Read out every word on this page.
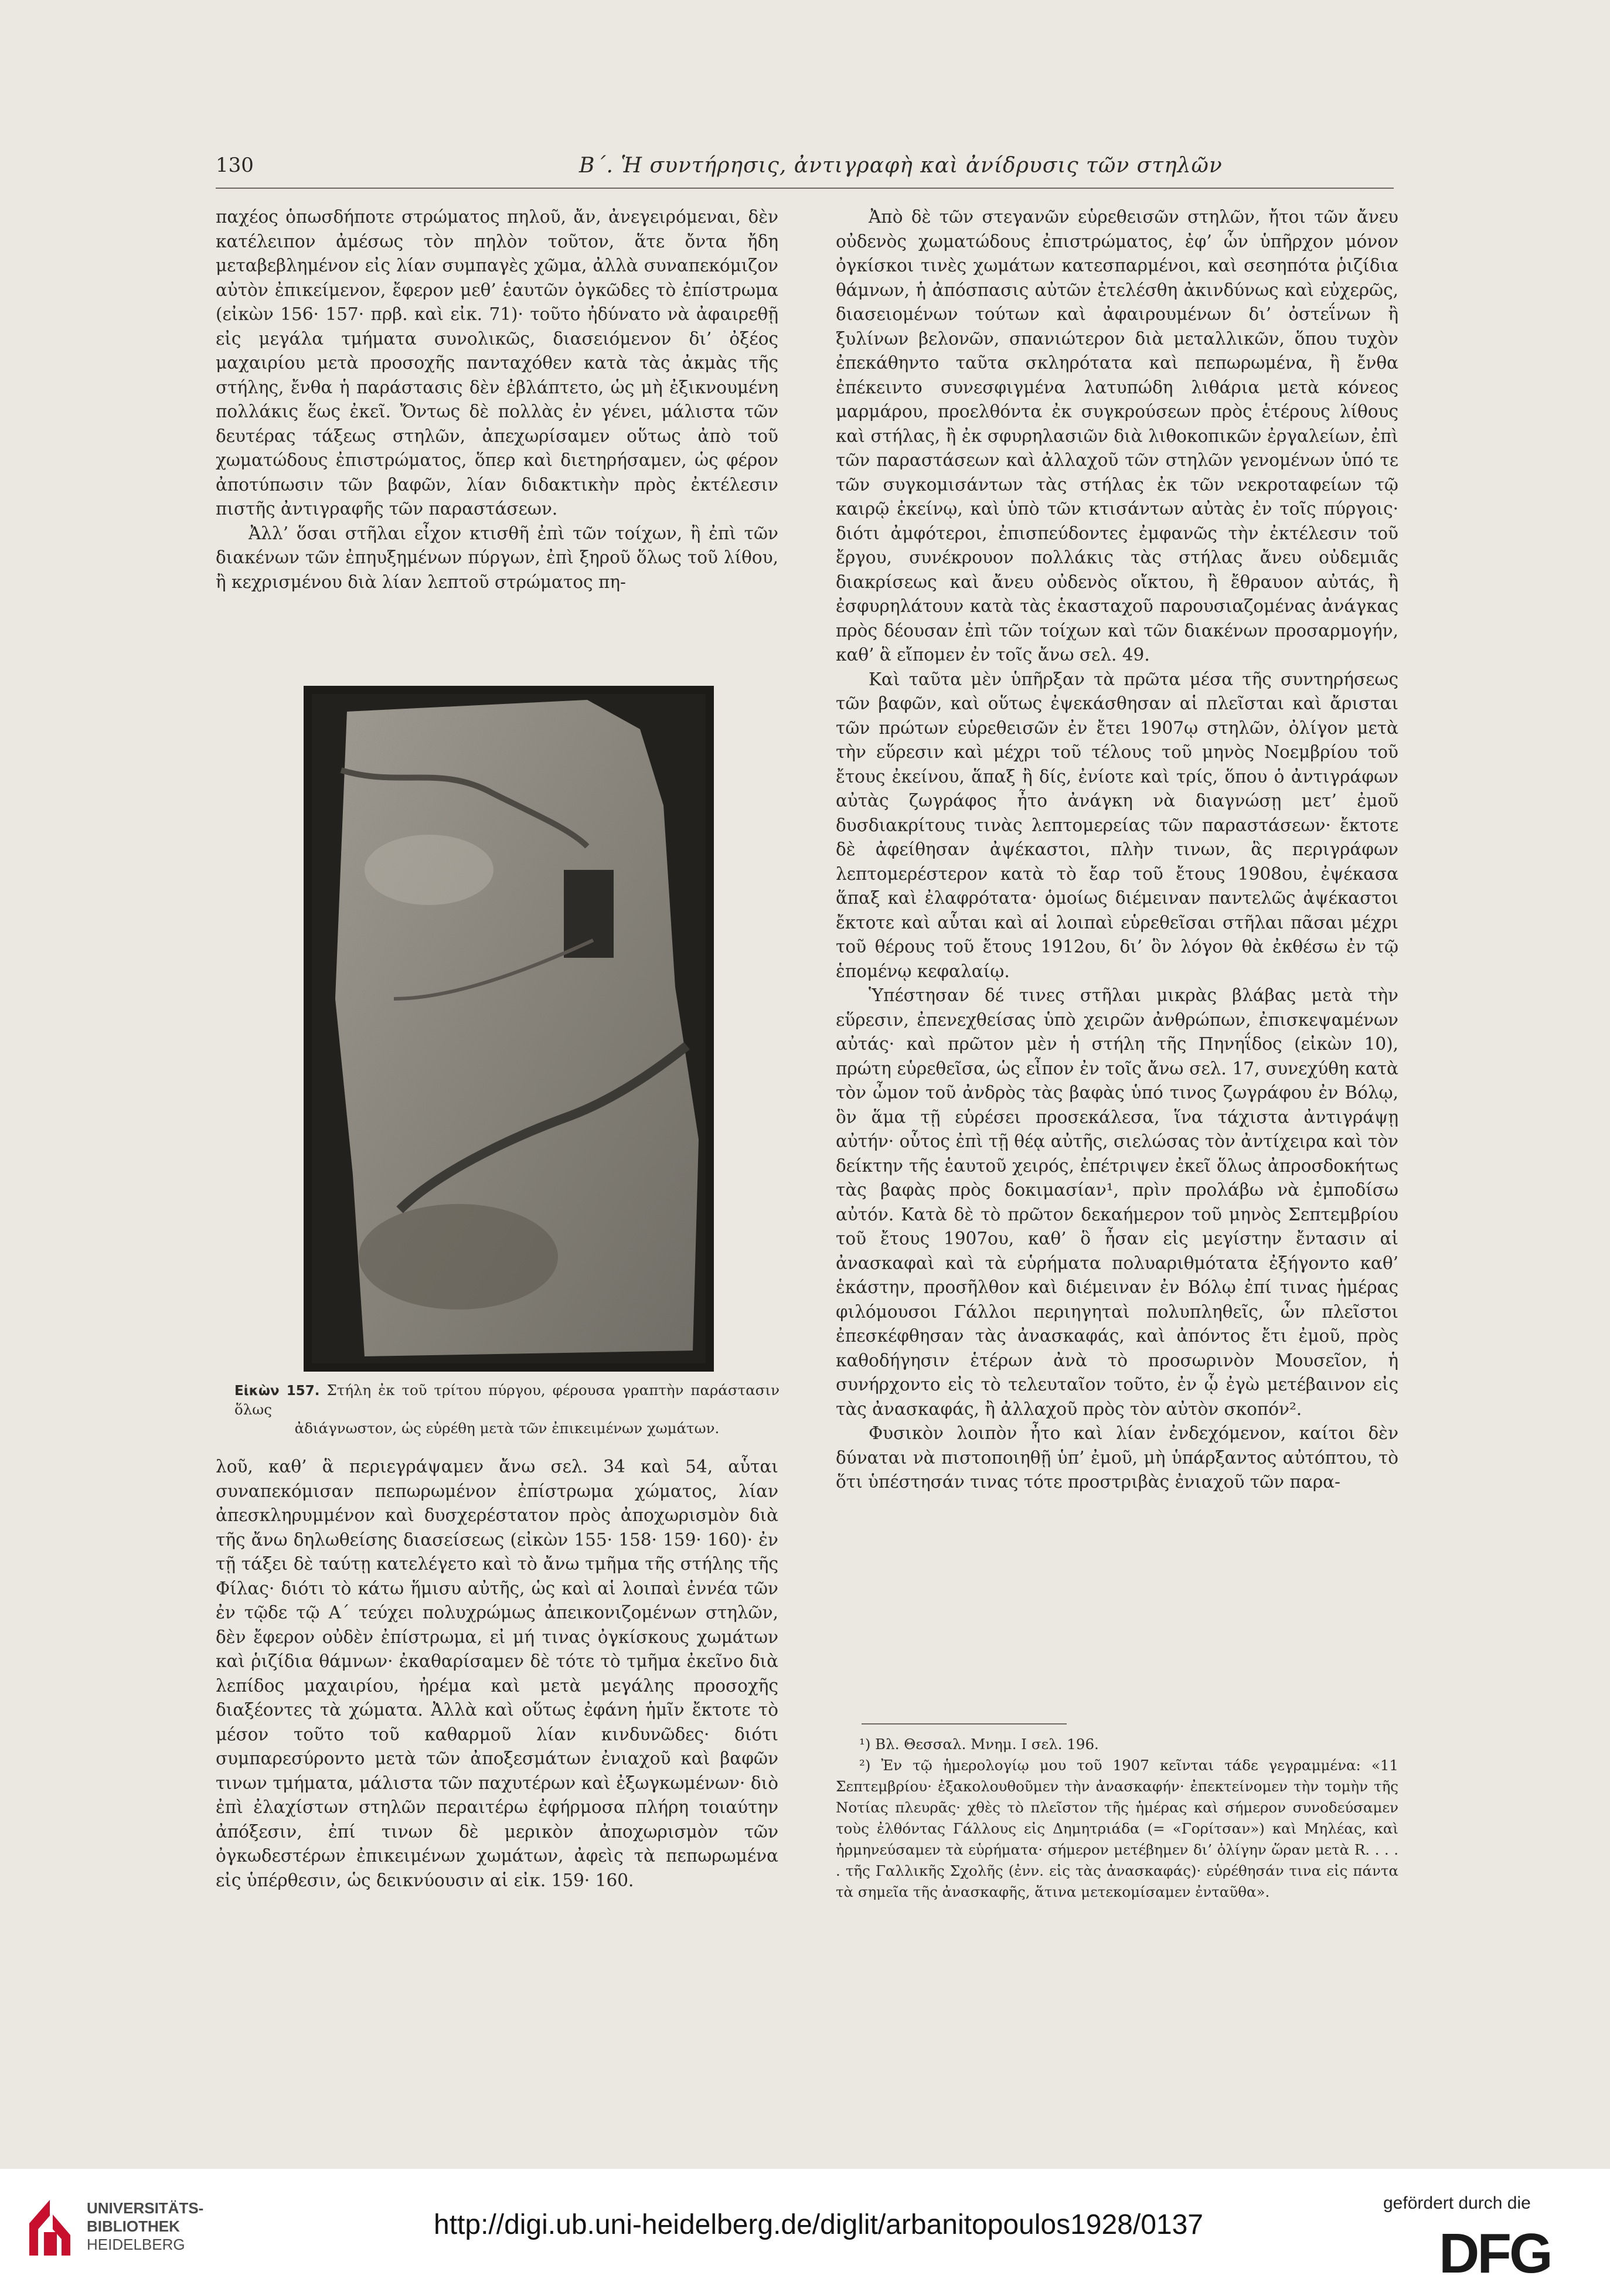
130	Β΄. Ἡ συντήρησις, ἀντιγραφὴ καὶ ἀνίδρυσις τῶν στηλῶν

παχέος ὁπωσδήποτε στρώματος πηλοῦ, ἄν, ἀνεγειρόμεναι, δὲν κατέλειπον ἀμέσως τὸν πηλὸν τοῦτον, ἅτε ὄντα ἤδη μεταβεβλημένον εἰς λίαν συμπαγὲς χῶμα, ἀλλὰ συναπεκόμιζον αὐτὸν ἐπικείμενον, ἔφερον μεθ’ ἑαυτῶν ὀγκῶδες τὸ ἐπίστρωμα (εἰκὼν 156· 157· πρβ. καὶ εἰκ. 71)· τοῦτο ἠδύνατο νὰ ἀφαιρεθῇ εἰς μεγάλα τμήματα συνολικῶς, διασειόμενον δι’ ὀξέος μαχαιρίου μετὰ προσοχῆς πανταχόθεν κατὰ τὰς ἀκμὰς τῆς στήλης, ἔνθα ἡ παράστασις δὲν ἐβλάπτετο, ὡς μὴ ἐξικνουμένη πολλάκις ἕως ἐκεῖ. Ὄντως δὲ πολλὰς ἐν γένει, μάλιστα τῶν δευτέρας τάξεως στηλῶν, ἀπεχωρίσαμεν οὕτως ἀπὸ τοῦ χωματώδους ἐπιστρώματος, ὅπερ καὶ διετηρήσαμεν, ὡς φέρον ἀποτύπωσιν τῶν βαφῶν, λίαν διδακτικὴν πρὸς ἐκτέλεσιν πιστῆς ἀντιγραφῆς τῶν παραστάσεων.

Ἀλλ’ ὅσαι στῆλαι εἶχον κτισθῆ ἐπὶ τῶν τοίχων, ἢ ἐπὶ τῶν διακένων τῶν ἐπηυξημένων πύργων, ἐπὶ ξηροῦ ὅλως τοῦ λίθου, ἢ κεχρισμένου διὰ λίαν λεπτοῦ στρώματος πη-

Εἰκὼν 157. Στήλη ἐκ τοῦ τρίτου πύργου, φέρουσα γραπτὴν παράστασιν ὅλως
ἀδιάγνωστον, ὡς εὑρέθη μετὰ τῶν ἐπικειμένων χωμάτων.

λοῦ, καθ’ ἃ περιεγράψαμεν ἄνω σελ. 34 καὶ 54, αὗται συναπεκόμισαν πεπωρωμένον ἐπίστρωμα χώματος, λίαν ἀπεσκληρυμμένον καὶ δυσχερέστατον πρὸς ἀποχωρισμὸν διὰ τῆς ἄνω δηλωθείσης διασείσεως (εἰκὼν 155· 158· 159· 160)· ἐν τῇ τάξει δὲ ταύτῃ κατελέγετο καὶ τὸ ἄνω τμῆμα τῆς στήλης τῆς Φίλας· διότι τὸ κάτω ἥμισυ αὐτῆς, ὡς καὶ αἱ λοιπαὶ ἐννέα τῶν ἐν τῷδε τῷ Α΄ τεύχει πολυχρώμως ἀπεικονιζομένων στηλῶν, δὲν ἔφερον οὐδὲν ἐπίστρωμα, εἰ μή τινας ὀγκίσκους χωμάτων καὶ ῥιζίδια θάμνων· ἐκαθαρίσαμεν δὲ τότε τὸ τμῆμα ἐκεῖνο διὰ λεπίδος μαχαιρίου, ἠρέμα καὶ μετὰ μεγάλης προσοχῆς διαξέοντες τὰ χώματα. Ἀλλὰ καὶ οὕτως ἐφάνη ἡμῖν ἔκτοτε τὸ μέσον τοῦτο τοῦ καθαρμοῦ λίαν κινδυνῶδες· διότι συμπαρεσύροντο μετὰ τῶν ἀποξεσμάτων ἐνιαχοῦ καὶ βαφῶν τινων τμήματα, μάλιστα τῶν παχυτέρων καὶ ἐξωγκωμένων· διὸ ἐπὶ ἐλαχίστων στηλῶν περαιτέρω ἐφήρμοσα πλήρη τοιαύτην ἀπόξεσιν, ἐπί τινων δὲ μερικὸν ἀποχωρισμὸν τῶν ὀγκωδεστέρων ἐπικειμένων χωμάτων, ἀφεὶς τὰ πεπωρωμένα εἰς ὑπέρθεσιν, ὡς δεικνύουσιν αἱ εἰκ. 159· 160.

Ἀπὸ δὲ τῶν στεγανῶν εὑρεθεισῶν στηλῶν, ἤτοι τῶν ἄνευ οὐδενὸς χωματώδους ἐπιστρώματος, ἐφ’ ὧν ὑπῆρχον μόνον ὀγκίσκοι τινὲς χωμάτων κατεσπαρμένοι, καὶ σεσηπότα ῥιζίδια θάμνων, ἡ ἀπόσπασις αὐτῶν ἐτελέσθη ἀκινδύνως καὶ εὐχερῶς, διασειομένων τούτων καὶ ἀφαιρουμένων δι’ ὀστεΐνων ἢ ξυλίνων βελονῶν, σπανιώτερον διὰ μεταλλικῶν, ὅπου τυχὸν ἐπεκάθηντο ταῦτα σκληρότατα καὶ πεπωρωμένα, ἢ ἔνθα ἐπέκειντο συνεσφιγμένα λατυπώδη λιθάρια μετὰ κόνεος μαρμάρου, προελθόντα ἐκ συγκρούσεων πρὸς ἑτέρους λίθους καὶ στήλας, ἢ ἐκ σφυρηλασιῶν διὰ λιθοκοπικῶν ἐργαλείων, ἐπὶ τῶν παραστάσεων καὶ ἀλλαχοῦ τῶν στηλῶν γενομένων ὑπό τε τῶν συγκομισάντων τὰς στήλας ἐκ τῶν νεκροταφείων τῷ καιρῷ ἐκείνῳ, καὶ ὑπὸ τῶν κτισάντων αὐτὰς ἐν τοῖς πύργοις· διότι ἀμφότεροι, ἐπισπεύδοντες ἐμφανῶς τὴν ἐκτέλεσιν τοῦ ἔργου, συνέκρουον πολλάκις τὰς στήλας ἄνευ οὐδεμιᾶς διακρίσεως καὶ ἄνευ οὐδενὸς οἴκτου, ἢ ἔθραυον αὐτάς, ἢ ἐσφυρηλάτουν κατὰ τὰς ἑκασταχοῦ παρουσιαζομένας ἀνάγκας πρὸς δέουσαν ἐπὶ τῶν τοίχων καὶ τῶν διακένων προσαρμογήν, καθ’ ἃ εἴπομεν ἐν τοῖς ἄνω σελ. 49.

Καὶ ταῦτα μὲν ὑπῆρξαν τὰ πρῶτα μέσα τῆς συντηρήσεως τῶν βαφῶν, καὶ οὕτως ἐψεκάσθησαν αἱ πλεῖσται καὶ ἄρισται τῶν πρώτων εὑρεθεισῶν ἐν ἔτει 1907ῳ στηλῶν, ὀλίγον μετὰ τὴν εὕρεσιν καὶ μέχρι τοῦ τέλους τοῦ μηνὸς Νοεμβρίου τοῦ ἔτους ἐκείνου, ἅπαξ ἢ δίς, ἐνίοτε καὶ τρίς, ὅπου ὁ ἀντιγράφων αὐτὰς ζωγράφος ἦτο ἀνάγκη νὰ διαγνώσῃ μετ’ ἐμοῦ δυσδιακρίτους τινὰς λεπτομερείας τῶν παραστάσεων· ἔκτοτε δὲ ἀφείθησαν ἀψέκαστοι, πλὴν τινων, ἃς περιγράφων λεπτομερέστερον κατὰ τὸ ἔαρ τοῦ ἔτους 1908ου, ἐψέκασα ἅπαξ καὶ ἐλαφρότατα· ὁμοίως διέμειναν παντελῶς ἀψέκαστοι ἔκτοτε καὶ αὗται καὶ αἱ λοιπαὶ εὑρεθεῖσαι στῆλαι πᾶσαι μέχρι τοῦ θέρους τοῦ ἔτους 1912ου, δι’ ὃν λόγον θὰ ἐκθέσω ἐν τῷ ἑπομένῳ κεφαλαίῳ.

Ὑπέστησαν δέ τινες στῆλαι μικρὰς βλάβας μετὰ τὴν εὕρεσιν, ἐπενεχθείσας ὑπὸ χειρῶν ἀνθρώπων, ἐπισκεψαμένων αὐτάς· καὶ πρῶτον μὲν ἡ στήλη τῆς Πηνηΐδος (εἰκὼν 10), πρώτη εὑρεθεῖσα, ὡς εἶπον ἐν τοῖς ἄνω σελ. 17, συνεχύθη κατὰ τὸν ὦμον τοῦ ἀνδρὸς τὰς βαφὰς ὑπό τινος ζωγράφου ἐν Βόλῳ, ὃν ἅμα τῇ εὑρέσει προσεκάλεσα, ἵνα τάχιστα ἀντιγράψῃ αὐτήν· οὗτος ἐπὶ τῇ θέᾳ αὐτῆς, σιελώσας τὸν ἀντίχειρα καὶ τὸν δείκτην τῆς ἑαυτοῦ χειρός, ἐπέτριψεν ἐκεῖ ὅλως ἀπροσδοκήτως τὰς βαφὰς πρὸς δοκιμασίαν¹, πρὶν προλάβω νὰ ἐμποδίσω αὐτόν. Κατὰ δὲ τὸ πρῶτον δεκαήμερον τοῦ μηνὸς Σεπτεμβρίου τοῦ ἔτους 1907ου, καθ’ ὃ ἦσαν εἰς μεγίστην ἔντασιν αἱ ἀνασκαφαὶ καὶ τὰ εὑρήματα πολυαριθμότατα ἐξήγοντο καθ’ ἑκάστην, προσῆλθον καὶ διέμειναν ἐν Βόλῳ ἐπί τινας ἡμέρας φιλόμουσοι Γάλλοι περιηγηταὶ πολυπληθεῖς, ὧν πλεῖστοι ἐπεσκέφθησαν τὰς ἀνασκαφάς, καὶ ἀπόντος ἔτι ἐμοῦ, πρὸς καθοδήγησιν ἑτέρων ἀνὰ τὸ προσωρινὸν Μουσεῖον, ἡ συνήρχοντο εἰς τὸ τελευταῖον τοῦτο, ἐν ᾧ ἐγὼ μετέβαινον εἰς τὰς ἀνασκαφάς, ἢ ἀλλαχοῦ πρὸς τὸν αὐτὸν σκοπόν².

Φυσικὸν λοιπὸν ἦτο καὶ λίαν ἐνδεχόμενον, καίτοι δὲν δύναται νὰ πιστοποιηθῇ ὑπ’ ἐμοῦ, μὴ ὑπάρξαντος αὐτόπτου, τὸ ὅτι ὑπέστησάν τινας τότε προστριβὰς ἐνιαχοῦ τῶν παρα-

¹) Βλ. Θεσσαλ. Μνημ. Ι σελ. 196.

²) Ἐν τῷ ἡμερολογίῳ μου τοῦ 1907 κεῖνται τάδε γεγραμμένα: «11 Σεπτεμβρίου· ἐξακολουθοῦμεν τὴν ἀνασκαφήν· ἐπεκτείνομεν τὴν τομὴν τῆς Νοτίας πλευρᾶς· χθὲς τὸ πλεῖστον τῆς ἡμέρας καὶ σήμερον συνοδεύσαμεν τοὺς ἐλθόντας Γάλλους εἰς Δημητριάδα (= «Γορίτσαν») καὶ Μηλέας, καὶ ἠρμηνεύσαμεν τὰ εὑρήματα· σήμερον μετέβημεν δι’ ὀλίγην ὥραν μετὰ R. . . . . τῆς Γαλλικῆς Σχολῆς (ἐνν. εἰς τὰς ἀνασκαφάς)· εὑρέθησάν τινα εἰς πάντα τὰ σημεῖα τῆς ἀνασκαφῆς, ἅτινα μετεκομίσαμεν ἐνταῦθα».

UNIVERSITÄTS-
BIBLIOTHEK
HEIDELBERG
http://digi.ub.uni-heidelberg.de/diglit/arbanitopoulos1928/0137
gefördert durch die
DFG
